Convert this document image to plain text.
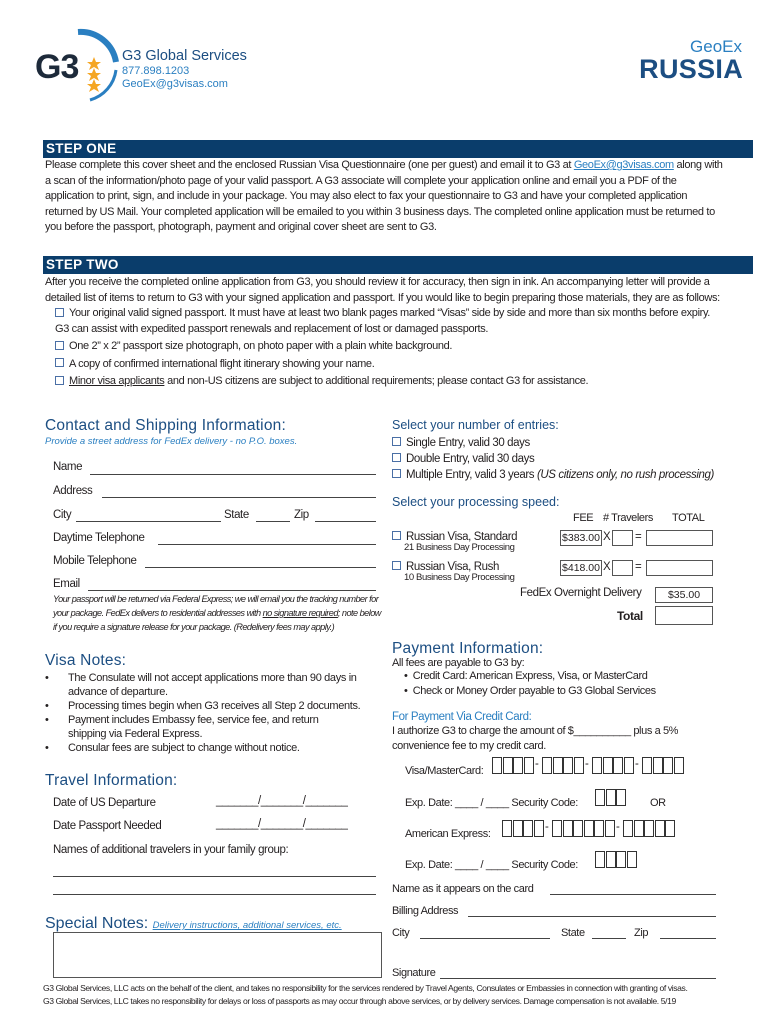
G3	G3 Global Services
877.898.1203
GeoEx@g3visas.com
GeoEx
RUSSIA
STEP ONE
Please complete this cover sheet and the enclosed Russian Visa Questionnaire (one per guest) and email it to G3 at GeoEx@g3visas.com along with a scan of the information/photo page of your valid passport. A G3 associate will complete your application online and email you a PDF of the application to print, sign, and include in your package. You may also elect to fax your questionnaire to G3 and have your completed application returned by US Mail. Your completed application will be emailed to you within 3 business days. The completed online application must be returned to you before the passport, photograph, payment and original cover sheet are sent to G3.
STEP TWO

After you receive the completed online application from G3, you should review it for accuracy, then sign in ink. An accompanying letter will provide a detailed list of items to return to G3 with your signed application and passport. If you would like to begin preparing those materials, they are as follows:

Your original valid signed passport. It must have at least two blank pages marked “Visas” side by side and more than six months before expiry. G3 can assist with expedited passport renewals and replacement of lost or damaged passports.

One 2” x 2” passport size photograph, on photo paper with a plain white background.

A copy of confirmed international flight itinerary showing your name.

Minor visa applicants and non-US citizens are subject to additional requirements; please contact G3 for assistance.

Contact and Shipping Information:
Provide a street address for FedEx delivery - no P.O. boxes.
Name
Address
City	State	Zip
Daytime Telephone
Mobile Telephone
Email
Your passport will be returned via Federal Express; we will email you the tracking number for your package. FedEx delivers to residential addresses with no signature required; note below if you require a signature release for your package. (Redelivery fees may apply.)
Visa Notes:
• The Consulate will not accept applications more than 90 days in advance of departure.
• Processing times begin when G3 receives all Step 2 documents.
• Payment includes Embassy fee, service fee, and return shipping via Federal Express.
• Consular fees are subject to change without notice.
Travel Information:
Date of US Departure	_______/_______/_______
Date Passport Needed	_______/_______/_______
Names of additional travelers in your family group:
Special Notes: Delivery instructions, additional services, etc.
Select your number of entries:
Single Entry, valid 30 days
Double Entry, valid 30 days
Multiple Entry, valid 3 years (US citizens only, no rush processing)
Select your processing speed:
FEE # Travelers TOTAL
Russian Visa, Standard
21 Business Day Processing
$383.00 X =
Russian Visa, Rush
10 Business Day Processing
$418.00 X =
FedEx Overnight Delivery	$35.00
Total
Payment Information:
All fees are payable to G3 by:
•  Credit Card: American Express, Visa, or MasterCard
•  Check or Money Order payable to G3 Global Services
For Payment Via Credit Card:
I authorize G3 to charge the amount of $__________ plus a 5%
convenience fee to my credit card.
Visa/MasterCard:
-	-	-
Exp. Date: ____ / ____ Security Code:	OR
American Express:
-	-
Exp. Date: ____ / ____ Security Code:
Name as it appears on the card
Billing Address
City	State	Zip
Signature
G3 Global Services, LLC acts on the behalf of the client, and takes no responsibility for the services rendered by Travel Agents, Consulates or Embassies in connection with granting of visas.
G3 Global Services, LLC takes no responsibility for delays or loss of passports as may occur through above services, or by delivery services. Damage compensation is not available. 5/19
